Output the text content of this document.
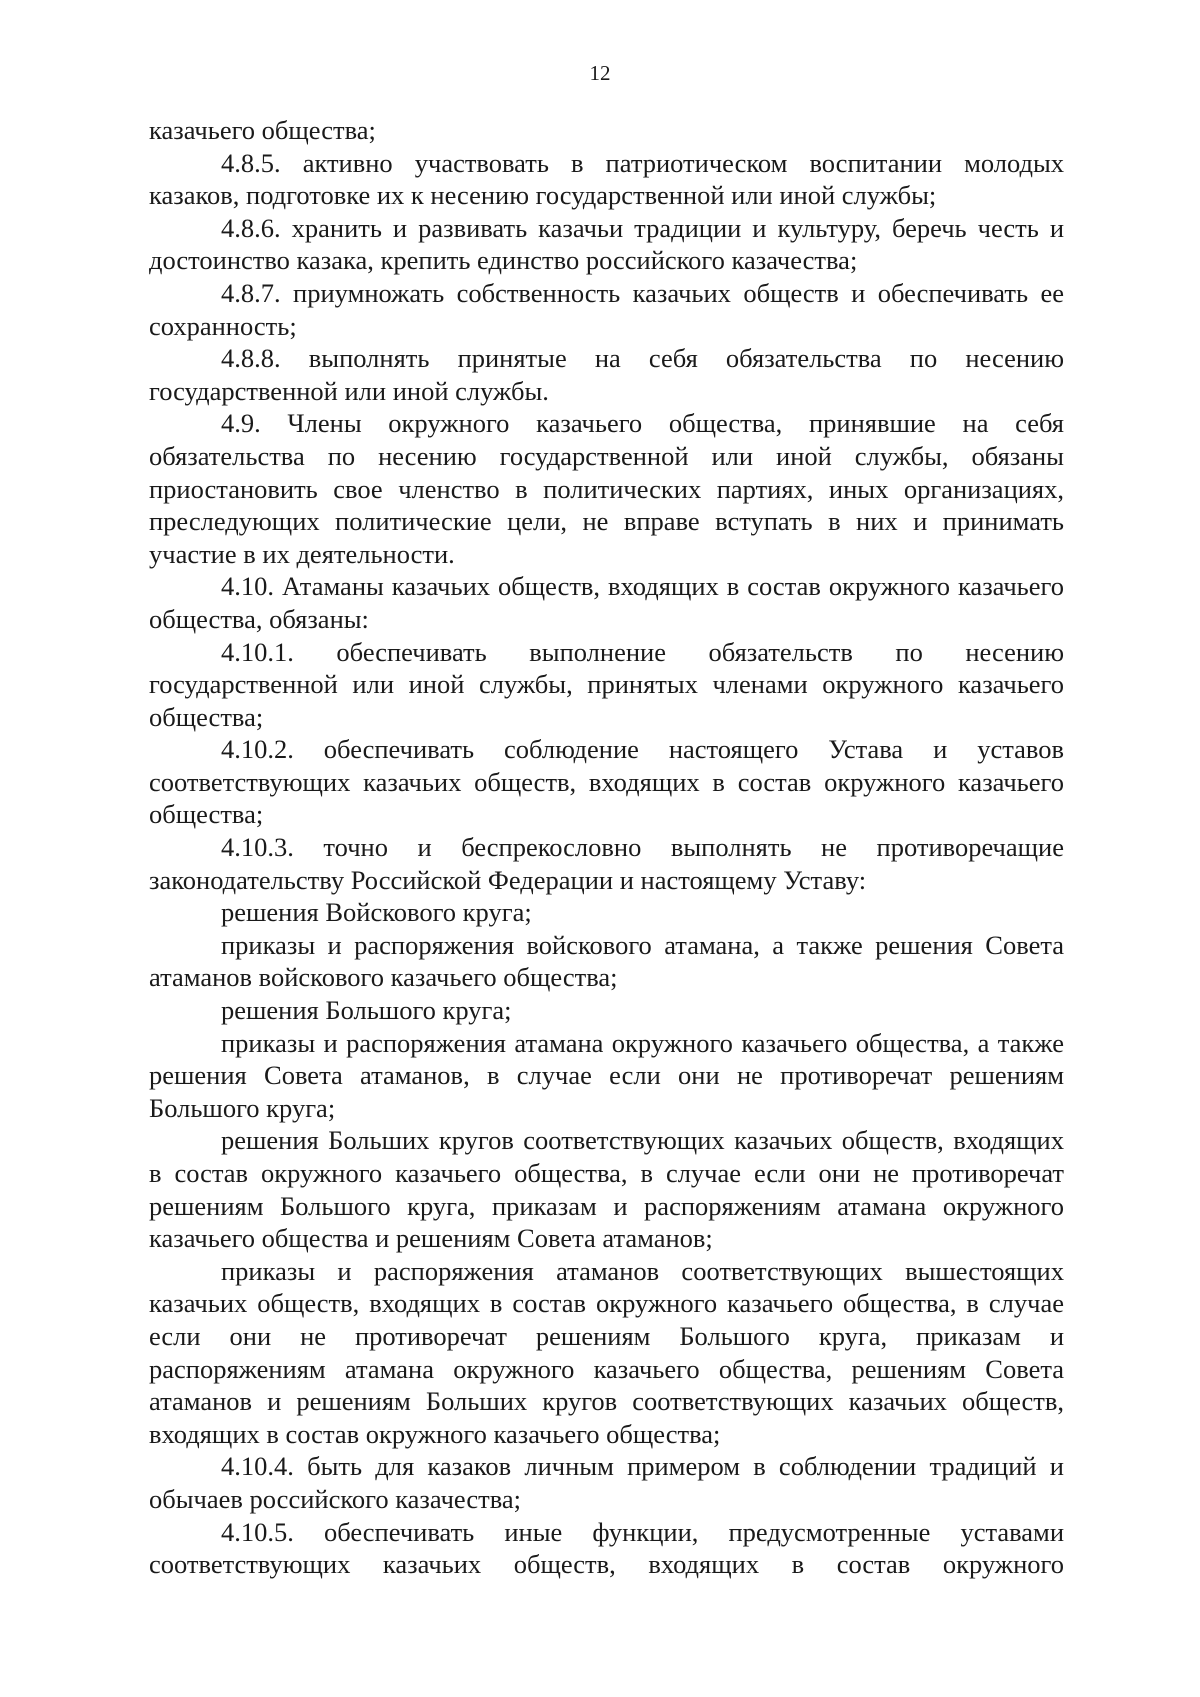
12

казачьего общества;

4.8.5. активно участвовать в патриотическом воспитании молодых казаков, подготовке их к несению государственной или иной службы;

4.8.6. хранить и развивать казачьи традиции и культуру, беречь честь и достоинство казака, крепить единство российского казачества;

4.8.7. приумножать собственность казачьих обществ и обеспечивать ее сохранность;

4.8.8. выполнять принятые на себя обязательства по несению государственной или иной службы.

4.9. Члены окружного казачьего общества, принявшие на себя обязательства по несению государственной или иной службы, обязаны приостановить свое членство в политических партиях, иных организациях, преследующих политические цели, не вправе вступать в них и принимать участие в их деятельности.

4.10. Атаманы казачьих обществ, входящих в состав окружного казачьего общества, обязаны:

4.10.1. обеспечивать выполнение обязательств по несению государственной или иной службы, принятых членами окружного казачьего общества;

4.10.2. обеспечивать соблюдение настоящего Устава и уставов соответствующих казачьих обществ, входящих в состав окружного казачьего общества;

4.10.3. точно и беспрекословно выполнять не противоречащие законодательству Российской Федерации и настоящему Уставу:

решения Войскового круга;

приказы и распоряжения войскового атамана, а также решения Совета атаманов войскового казачьего общества;

решения Большого круга;

приказы и распоряжения атамана окружного казачьего общества, а также решения Совета атаманов, в случае если они не противоречат решениям Большого круга;

решения Больших кругов соответствующих казачьих обществ, входящих в состав окружного казачьего общества, в случае если они не противоречат решениям Большого круга, приказам и распоряжениям атамана окружного казачьего общества и решениям Совета атаманов;

приказы и распоряжения атаманов соответствующих вышестоящих казачьих обществ, входящих в состав окружного казачьего общества, в случае если они не противоречат решениям Большого круга, приказам и распоряжениям атамана окружного казачьего общества, решениям Совета атаманов и решениям Больших кругов соответствующих казачьих обществ, входящих в состав окружного казачьего общества;

4.10.4. быть для казаков личным примером в соблюдении традиций и обычаев российского казачества;

4.10.5. обеспечивать иные функции, предусмотренные уставами соответствующих казачьих обществ, входящих в состав окружного
